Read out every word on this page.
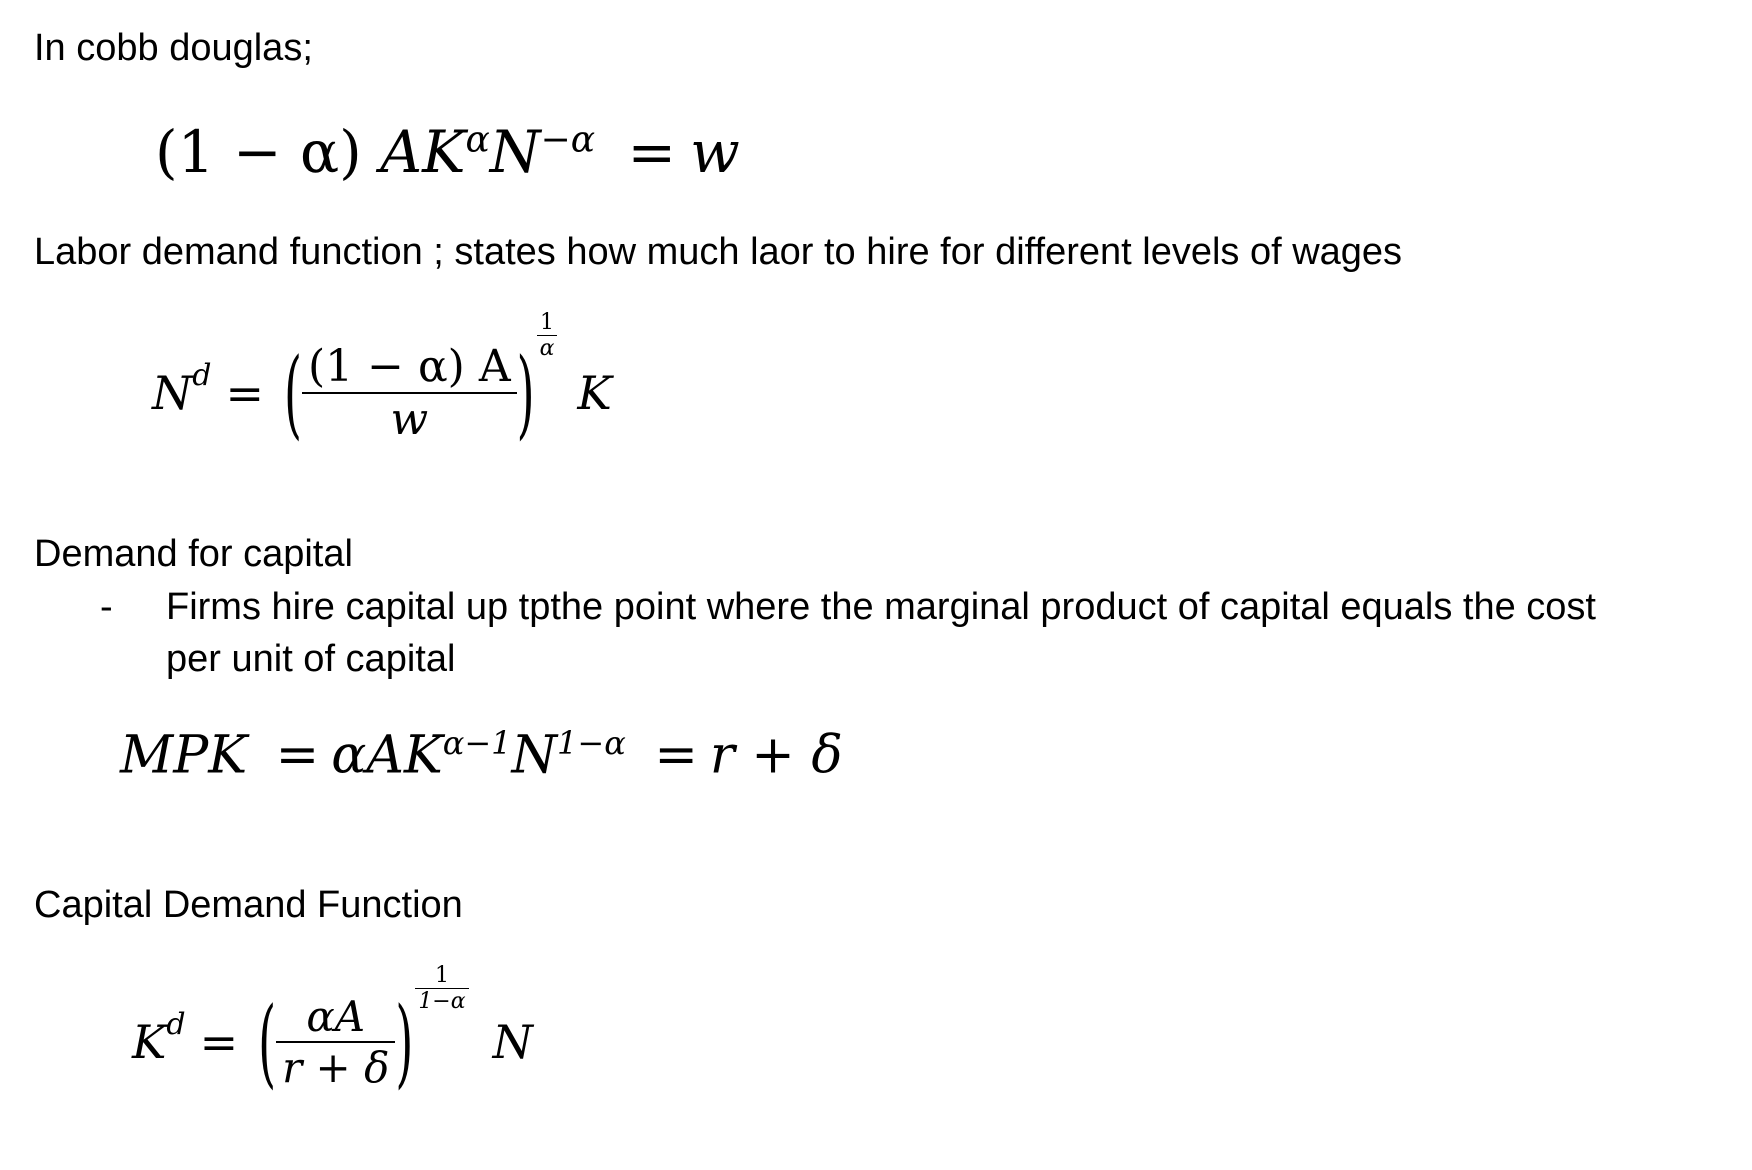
In cobb douglas;
(1 − α) $AK^\alpha N^{-\alpha} = w$
Labor demand function ; states how much laor to hire for different levels of wages
N d = ( $\frac{(1 - \alpha) A}{w}$ )
$\frac{1}{\alpha}$
K
Demand for capital
- Firms hire capital up tpthe point where the marginal product of capital equals the cost
per unit of capital
MPK = $\alpha AK^{\alpha-1}N^{1-\alpha} = r + \delta$
Capital Demand Function
K d = ( $\frac{\alpha A}{r + \delta}$ ) $\frac{1}{1-\alpha}$
N
